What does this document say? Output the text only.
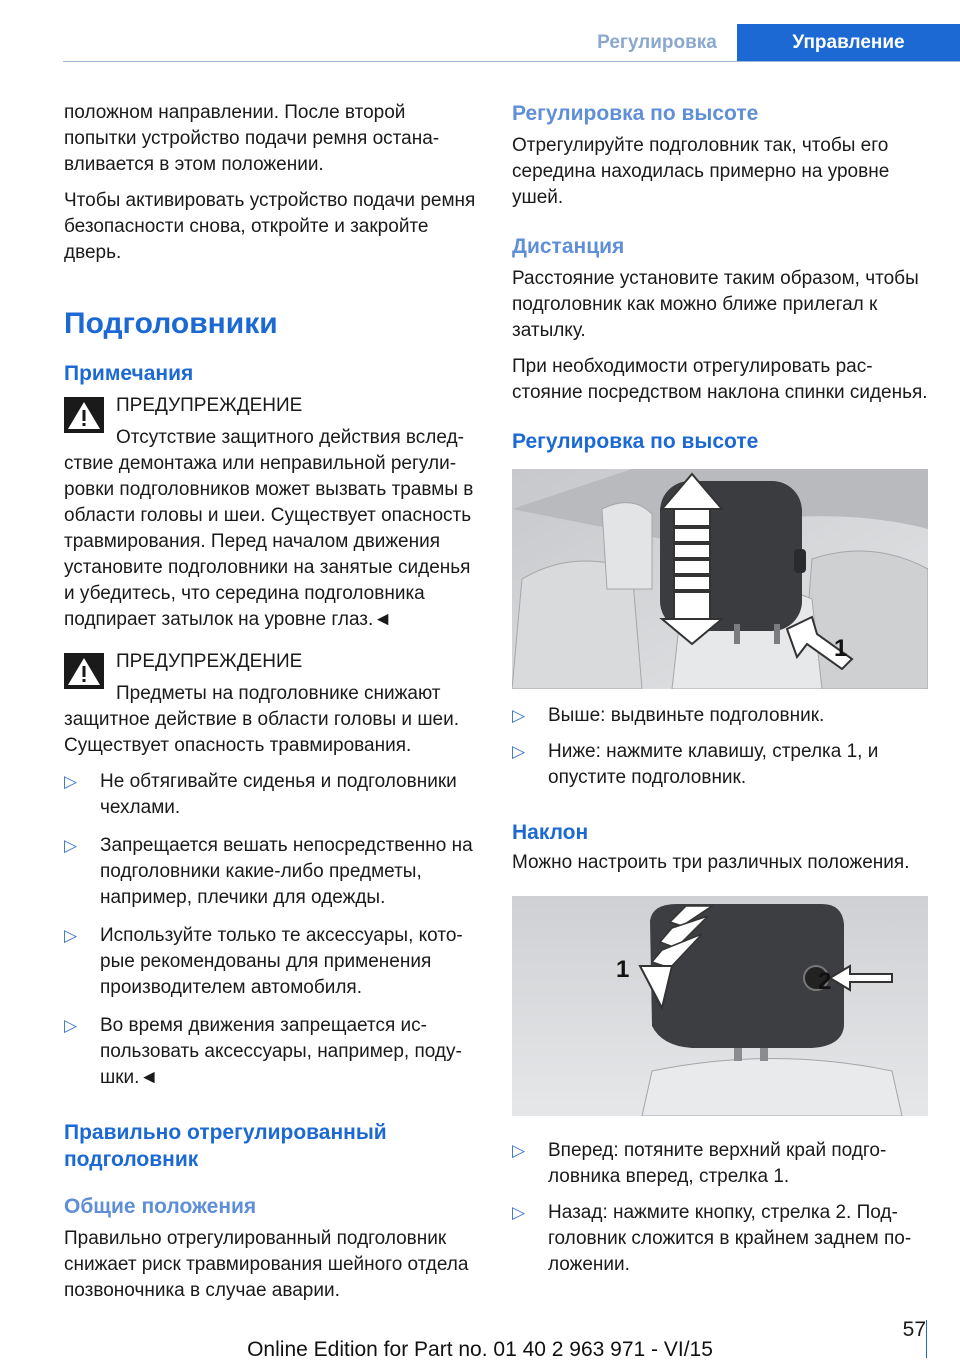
Регулировка	Управление

положном направлении. После второй попытки устройство подачи ремня останавливается в этом положении.

Чтобы активировать устройство подачи ремня безопасности снова, откройте и закройте дверь.

Подголовники
Примечания

ПРЕДУПРЕЖДЕНИЕ

Отсутствие защитного действия вслед-

ствие демонтажа или неправильной регулировки подголовников может вызвать травмы в области головы и шеи. Существует опасность травмирования. Перед началом движения установите подголовники на занятые сиденья и убедитесь, что середина подголовника подпирает затылок на уровне глаз.◄

ПРЕДУПРЕЖДЕНИЕ

Предметы на подголовнике снижают

защитное действие в области головы и шеи. Существует опасность травмирования.

▷ Не обтягивайте сиденья и подголовники чехлами.
▷ Запрещается вешать непосредственно на подголовники какие-либо предметы, например, плечики для одежды.
▷ Используйте только те аксессуары, которые рекомендованы для применения производителем автомобиля.
▷ Во время движения запрещается использовать аксессуары, например, подушки.◄
Правильно отрегулированный подголовник
Общие положения

Правильно отрегулированный подголовник снижает риск травмирования шейного отдела позвоночника в случае аварии.

Регулировка по высоте

Отрегулируйте подголовник так, чтобы его середина находилась примерно на уровне ушей.

Дистанция

Расстояние установите таким образом, чтобы подголовник как можно ближе прилегал к затылку.

При необходимости отрегулировать расстояние посредством наклона спинки сиденья.

Регулировка по высоте
1
▷ Выше: выдвиньте подголовник.
▷ Ниже: нажмите клавишу, стрелка 1, и опустите подголовник.
Наклон

Можно настроить три различных положения.

1	2
▷ Вперед: потяните верхний край подголовника вперед, стрелка 1.
▷ Назад: нажмите кнопку, стрелка 2. Подголовник сложится в крайнем заднем положении.
57
Online Edition for Part no. 01 40 2 963 971 - VI/15
